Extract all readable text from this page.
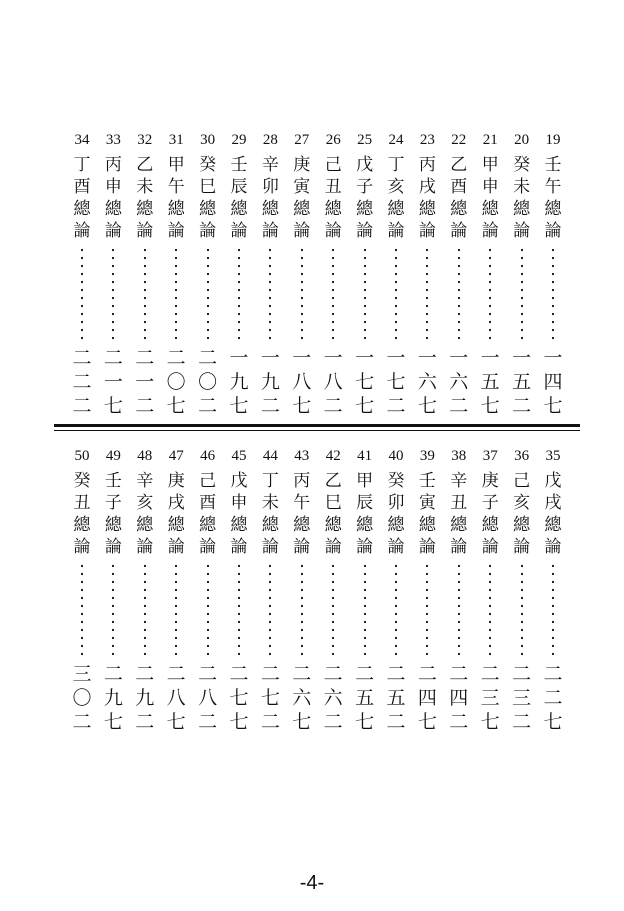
34
丁
酉
總
論
二
二
二
33
丙
申
總
論
二
一
七
32
乙
未
總
論
二
一
二
31
甲
午
總
論
二
〇
七
30
癸
巳
總
論
二
〇
二
29
壬
辰
總
論
一
九
七
28
辛
卯
總
論
一
九
二
27
庚
寅
總
論
一
八
七
26
己
丑
總
論
一
八
二
25
戊
子
總
論
一
七
七
24
丁
亥
總
論
一
七
二
23
丙
戌
總
論
一
六
七
22
乙
酉
總
論
一
六
二
21
甲
申
總
論
一
五
七
20
癸
未
總
論
一
五
二
19
壬
午
總
論
一
四
七
50
癸
丑
總
論
三
〇
二
49
壬
子
總
論
二
九
七
48
辛
亥
總
論
二
九
二
47
庚
戌
總
論
二
八
七
46
己
酉
總
論
二
八
二
45
戊
申
總
論
二
七
七
44
丁
未
總
論
二
七
二
43
丙
午
總
論
二
六
七
42
乙
巳
總
論
二
六
二
41
甲
辰
總
論
二
五
七
40
癸
卯
總
論
二
五
二
39
壬
寅
總
論
二
四
七
38
辛
丑
總
論
二
四
二
37
庚
子
總
論
二
三
七
36
己
亥
總
論
二
三
二
35
戊
戌
總
論
二
二
七
-4-
